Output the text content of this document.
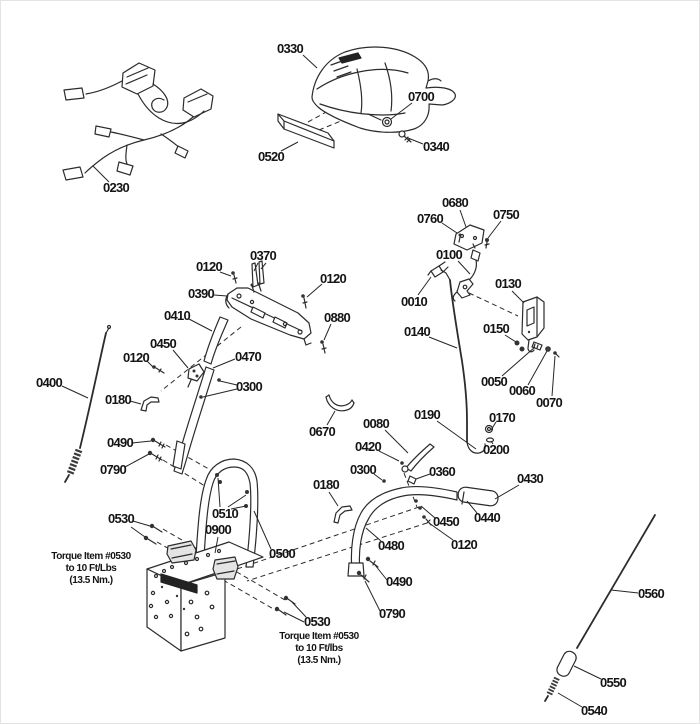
0230
0330
0700
0340
0520
0680
0760	0750
0100
0120
0370
0120
0390
0010
0130
0410	0880
0140	0150
0450
0470
0120
0400	0300	0050
0060
0070
0180
0190	0170
0080
0670
0420	0200
0490
0360
0790	0300
0180	0430
0510	0440
0530
0900
0450
0500
0480	0120
0560
0490
0790
0530
0550
0540
Torque Item #0530 to 10 Ft/Lbs (13.5 Nm.)
Torque Item #0530 to 10 Ft/lbs (13.5 Nm.)
